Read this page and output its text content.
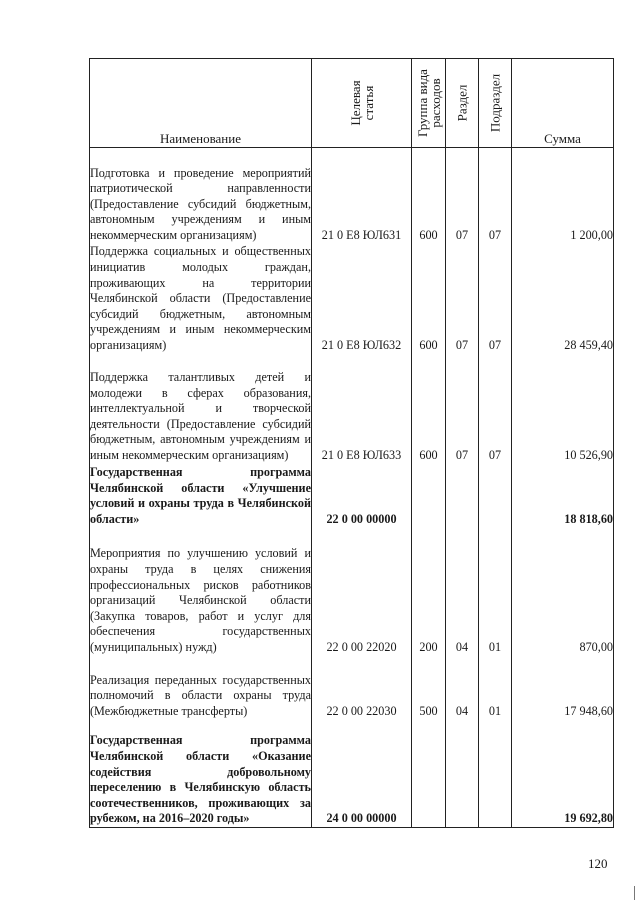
Наименование	Целевая статья	Группа вида расходов	Раздел	Подраздел	Сумма
Подготовка и проведение мероприятий патриотической направленности (Предоставление субсидий бюджетным, автономным учреждениям и иным некоммерческим организациям)	21 0 E8 ЮЛ631	600	07	07	1 200,00
Поддержка социальных и общественных инициатив молодых граждан, проживающих на территории Челябинской области (Предоставление субсидий бюджетным, автономным учреждениям и иным некоммерческим организациям)	21 0 E8 ЮЛ632	600	07	07	28 459,40
Поддержка талантливых детей и молодежи в сферах образования, интеллектуальной и творческой деятельности (Предоставление субсидий бюджетным, автономным учреждениям и иным некоммерческим организациям)	21 0 E8 ЮЛ633	600	07	07	10 526,90
Государственная программа Челябинской области «Улучшение условий и охраны труда в Челябинской области»	22 0 00 00000				18 818,60
Мероприятия по улучшению условий и охраны труда в целях снижения профессиональных рисков работников организаций Челябинской области (Закупка товаров, работ и услуг для обеспечения государственных (муниципальных) нужд)	22 0 00 22020	200	04	01	870,00
Реализация переданных государственных полномочий в области охраны труда (Межбюджетные трансферты)	22 0 00 22030	500	04	01	17 948,60
Государственная программа Челябинской области «Оказание содействия добровольному переселению в Челябинскую область соотечественников, проживающих за рубежом, на 2016–2020 годы»	24 0 00 00000				19 692,80
120
